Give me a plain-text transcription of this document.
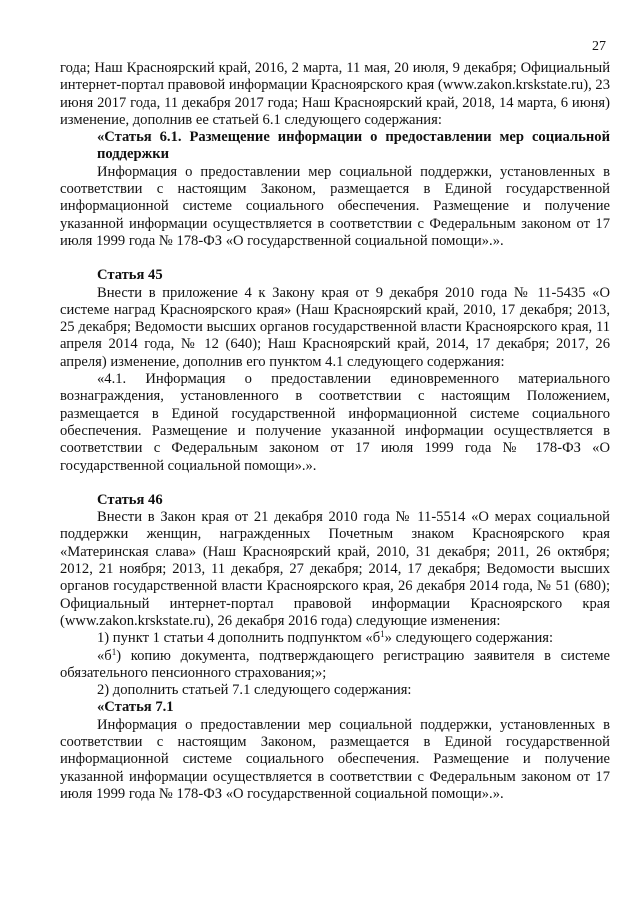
27

года; Наш Красноярский край, 2016, 2 марта, 11 мая, 20 июля, 9 декабря; Официальный интернет-портал правовой информации Красноярского края (www.zakon.krskstate.ru), 23 июня 2017 года, 11 декабря 2017 года; Наш Красноярский край, 2018, 14 марта, 6 июня) изменение, дополнив ее статьей 6.1 следующего содержания:

«Статья 6.1. Размещение информации о предоставлении мер социальной поддержки

Информация о предоставлении мер социальной поддержки, установленных в соответствии с настоящим Законом, размещается в Единой государственной информационной системе социального обеспечения. Размещение и получение указанной информации осуществляется в соответствии с Федеральным законом от 17 июля 1999 года № 178-ФЗ «О государственной социальной помощи».».

Статья 45

Внести в приложение 4 к Закону края от 9 декабря 2010 года № 11-5435 «О системе наград Красноярского края» (Наш Красноярский край, 2010, 17 декабря; 2013, 25 декабря; Ведомости высших органов государственной власти Красноярского края, 11 апреля 2014 года, № 12 (640); Наш Красноярский край, 2014, 17 декабря; 2017, 26 апреля) изменение, дополнив его пунктом 4.1 следующего содержания:

«4.1. Информация о предоставлении единовременного материального вознаграждения, установленного в соответствии с настоящим Положением, размещается в Единой государственной информационной системе социального обеспечения. Размещение и получение указанной информации осуществляется в соответствии с Федеральным законом от 17 июля 1999 года № 178-ФЗ «О государственной социальной помощи».».

Статья 46

Внести в Закон края от 21 декабря 2010 года № 11-5514 «О мерах социальной поддержки женщин, награжденных Почетным знаком Красноярского края «Материнская слава» (Наш Красноярский край, 2010, 31 декабря; 2011, 26 октября; 2012, 21 ноября; 2013, 11 декабря, 27 декабря; 2014, 17 декабря; Ведомости высших органов государственной власти Красноярского края, 26 декабря 2014 года, № 51 (680); Официальный интернет-портал правовой информации Красноярского края (www.zakon.krskstate.ru), 26 декабря 2016 года) следующие изменения:

1) пункт 1 статьи 4 дополнить подпунктом «$б^1$» следующего содержания:

«$б^1$) копию документа, подтверждающего регистрацию заявителя в системе обязательного пенсионного страхования;»;

2) дополнить статьей 7.1 следующего содержания:

«Статья 7.1

Информация о предоставлении мер социальной поддержки, установленных в соответствии с настоящим Законом, размещается в Единой государственной информационной системе социального обеспечения. Размещение и получение указанной информации осуществляется в соответствии с Федеральным законом от 17 июля 1999 года № 178-ФЗ «О государственной социальной помощи».».
